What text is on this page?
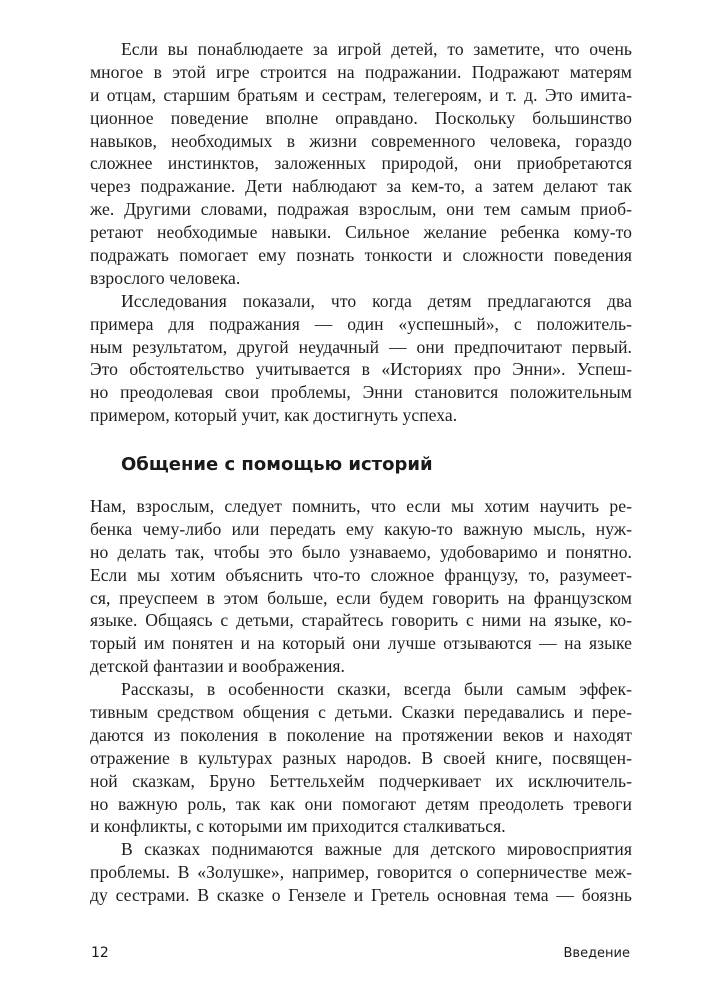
Если вы понаблюдаете за игрой детей, то заметите, что очень
многое в этой игре строится на подражании. Подражают матерям
и отцам, старшим братьям и сестрам, телегероям, и т. д. Это имита-
ционное поведение вполне оправдано. Поскольку большинство
навыков, необходимых в жизни современного человека, гораздо
сложнее инстинктов, заложенных природой, они приобретаются
через подражание. Дети наблюдают за кем-то, а затем делают так
же. Другими словами, подражая взрослым, они тем самым приоб-
ретают необходимые навыки. Сильное желание ребенка кому-то
подражать помогает ему познать тонкости и сложности поведения
взрослого человека.
Исследования показали, что когда детям предлагаются два
примера для подражания — один «успешный», с положитель-
ным результатом, другой неудачный — они предпочитают первый.
Это обстоятельство учитывается в «Историях про Энни». Успеш-
но преодолевая свои проблемы, Энни становится положительным
примером, который учит, как достигнуть успеха.
Общение с помощью историй
Нам, взрослым, следует помнить, что если мы хотим научить ре-
бенка чему-либо или передать ему какую-то важную мысль, нуж-
но делать так, чтобы это было узнаваемо, удобоваримо и понятно.
Если мы хотим объяснить что-то сложное французу, то, разумеет-
ся, преуспеем в этом больше, если будем говорить на французском
языке. Общаясь с детьми, старайтесь говорить с ними на языке, ко-
торый им понятен и на который они лучше отзываются — на языке
детской фантазии и воображения.
Рассказы, в особенности сказки, всегда были самым эффек-
тивным средством общения с детьми. Сказки передавались и пере-
даются из поколения в поколение на протяжении веков и находят
отражение в культурах разных народов. В своей книге, посвящен-
ной сказкам, Бруно Беттельхейм подчеркивает их исключитель-
но важную роль, так как они помогают детям преодолеть тревоги
и конфликты, с которыми им приходится сталкиваться.
В сказках поднимаются важные для детского мировосприятия
проблемы. В «Золушке», например, говорится о соперничестве меж-
ду сестрами. В сказке о Гензеле и Гретель основная тема — боязнь
12	Введение
